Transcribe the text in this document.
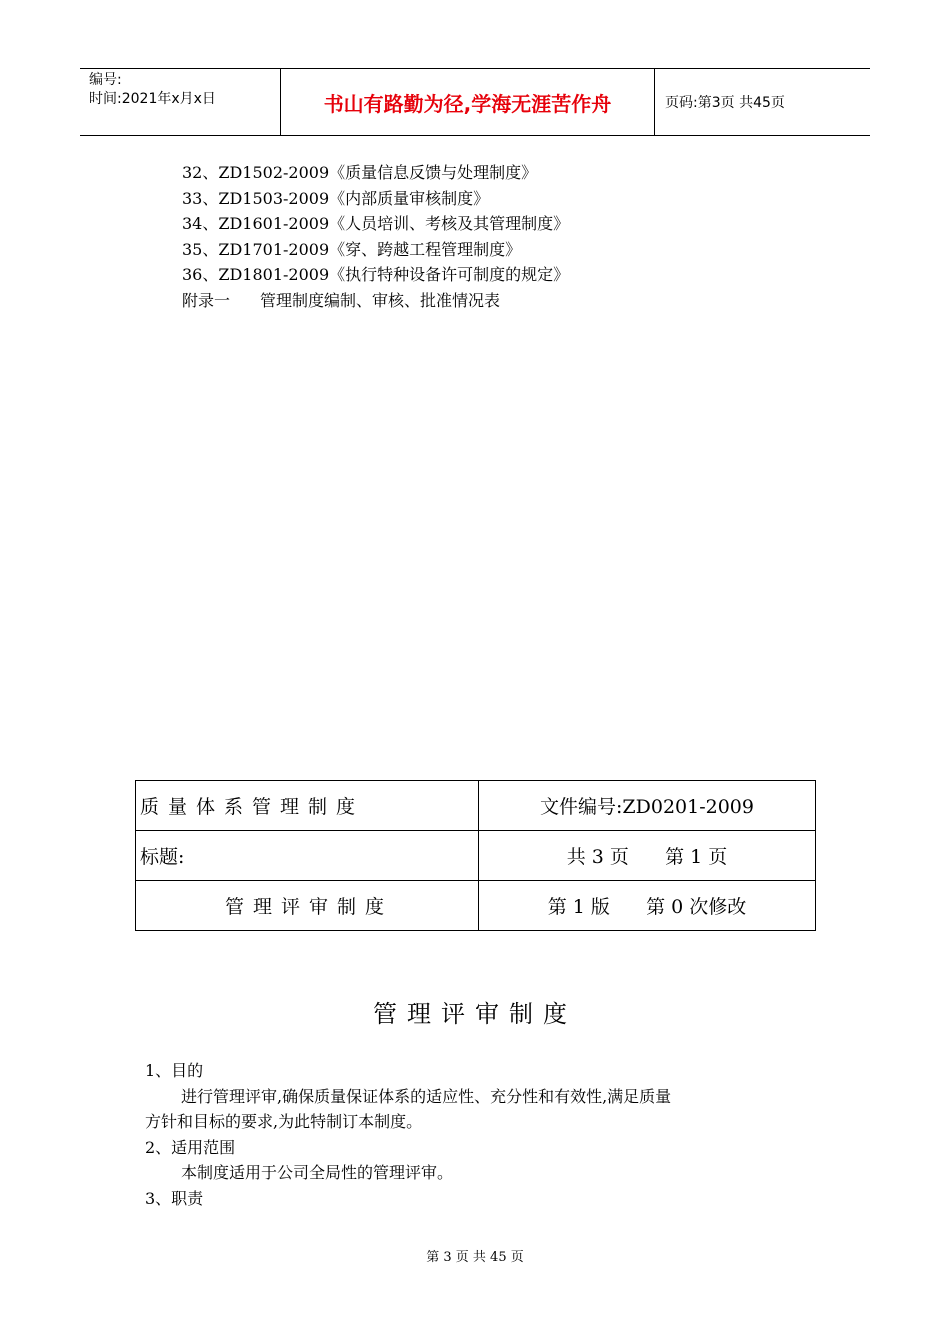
编号:
时间:2021年x月x日	书山有路勤为径,学海无涯苦作舟	页码:第3页 共45页
32、ZD1502-2009《质量信息反馈与处理制度》
33、ZD1503-2009《内部质量审核制度》
34、ZD1601-2009《人员培训、考核及其管理制度》
35、ZD1701-2009《穿、跨越工程管理制度》
36、ZD1801-2009《执行特种设备许可制度的规定》
附录一 管理制度编制、审核、批准情况表
质量体系管理制度	文件编号:ZD0201-2009
标题:	共 3 页      第 1 页
管理评审制度	第 1 版      第 0 次修改
管理评审制度
1、目的
进行管理评审,确保质量保证体系的适应性、充分性和有效性,满足质量
方针和目标的要求,为此特制订本制度。
2、适用范围
本制度适用于公司全局性的管理评审。
3、职责
第 3 页 共 45 页
